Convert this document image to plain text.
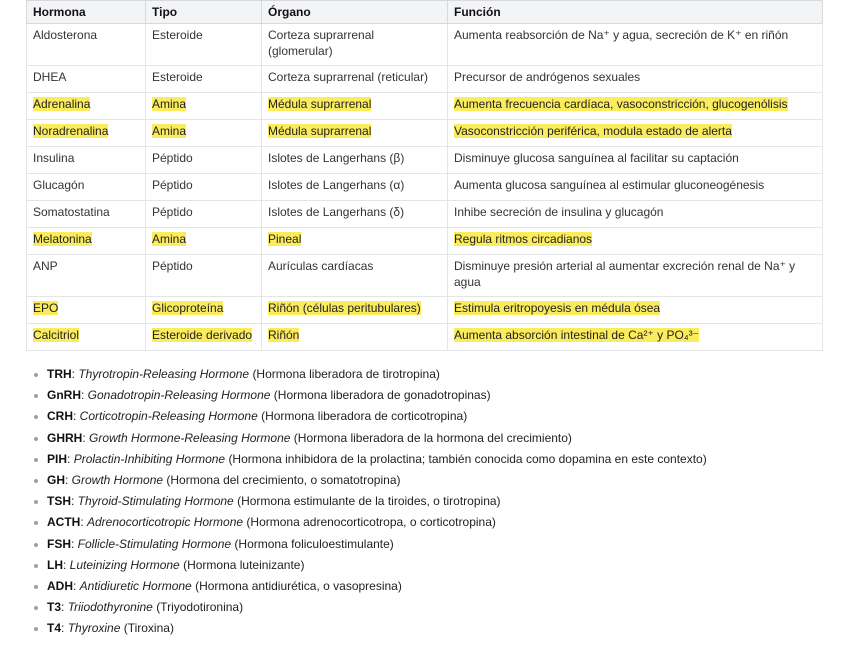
Hormona	Tipo	Órgano	Función
Aldosterona	Esteroide	Corteza suprarrenal (glomerular)	Aumenta reabsorción de Na⁺ y agua, secreción de K⁺ en riñón
DHEA	Esteroide	Corteza suprarrenal (reticular)	Precursor de andrógenos sexuales
Adrenalina	Amina	Médula suprarrenal	Aumenta frecuencia cardíaca, vasoconstricción, glucogenólisis
Noradrenalina	Amina	Médula suprarrenal	Vasoconstricción periférica, modula estado de alerta
Insulina	Péptido	Islotes de Langerhans (β)	Disminuye glucosa sanguínea al facilitar su captación
Glucagón	Péptido	Islotes de Langerhans (α)	Aumenta glucosa sanguínea al estimular gluconeogénesis
Somatostatina	Péptido	Islotes de Langerhans (δ)	Inhibe secreción de insulina y glucagón
Melatonina	Amina	Pineal	Regula ritmos circadianos
ANP	Péptido	Aurículas cardíacas	Disminuye presión arterial al aumentar excreción renal de Na⁺ y agua
EPO	Glicoproteína	Riñón (células peritubulares)	Estimula eritropoyesis en médula ósea
Calcitriol	Esteroide derivado	Riñón	Aumenta absorción intestinal de Ca²⁺ y PO₄³⁻
TRH: Thyrotropin-Releasing Hormone (Hormona liberadora de tirotropina)
GnRH: Gonadotropin-Releasing Hormone (Hormona liberadora de gonadotropinas)
CRH: Corticotropin-Releasing Hormone (Hormona liberadora de corticotropina)
GHRH: Growth Hormone-Releasing Hormone (Hormona liberadora de la hormona del crecimiento)
PIH: Prolactin-Inhibiting Hormone (Hormona inhibidora de la prolactina; también conocida como dopamina en este contexto)
GH: Growth Hormone (Hormona del crecimiento, o somatotropina)
TSH: Thyroid-Stimulating Hormone (Hormona estimulante de la tiroides, o tirotropina)
ACTH: Adrenocorticotropic Hormone (Hormona adrenocorticotropa, o corticotropina)
FSH: Follicle-Stimulating Hormone (Hormona foliculoestimulante)
LH: Luteinizing Hormone (Hormona luteinizante)
ADH: Antidiuretic Hormone (Hormona antidiurética, o vasopresina)
T3: Triiodothyronine (Triyodotironina)
T4: Thyroxine (Tiroxina)
